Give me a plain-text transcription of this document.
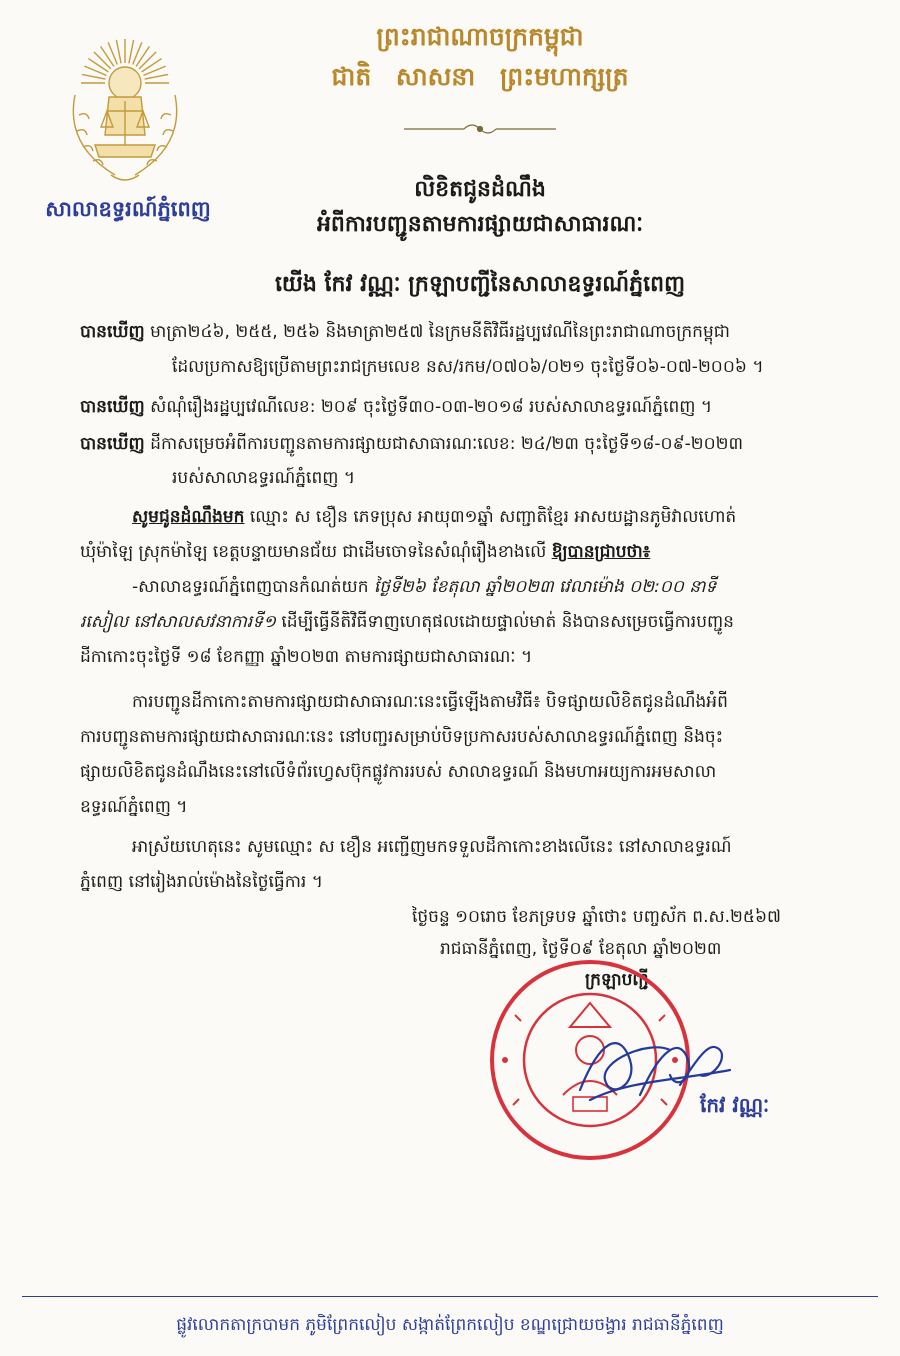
សាលាឧទ្ធរណ៍ភ្នំពេញ
ព្រះរាជាណាចក្រកម្ពុជា
ជាតិ សាសនា ព្រះមហាក្សត្រ
លិខិតជូនដំណឹង
អំពីការបញ្ជូនតាមការផ្សាយជាសាធារណៈ
យើង កែវ វណ្ណៈ ក្រឡាបញ្ជីនៃសាលាឧទ្ធរណ៍ភ្នំពេញ
បានឃើញ មាត្រា២៤៦, ២៥៥, ២៥៦ និងមាត្រា២៥៧ នៃក្រមនីតិវិធីរដ្ឋប្បវេណីនៃព្រះរាជាណាចក្រកម្ពុជា
ដែលប្រកាសឱ្យប្រើតាមព្រះរាជក្រមលេខ នស/រកម/០៧០៦/០២១ ចុះថ្ងៃទី០៦-០៧-២០០៦ ។
បានឃើញ សំណុំរឿងរដ្ឋប្បវេណីលេខ: ២០៩ ចុះថ្ងៃទី៣០-០៣-២០១៨ របស់សាលាឧទ្ធរណ៍ភ្នំពេញ ។
បានឃើញ ដីកាសម្រេចអំពីការបញ្ជូនតាមការផ្សាយជាសាធារណៈលេខ: ២៤/២៣ ចុះថ្ងៃទី១៨-០៩-២០២៣
របស់សាលាឧទ្ធរណ៍ភ្នំពេញ ។
សូមជូនដំណឹងមក ឈ្មោះ ស ខឿន ភេទប្រុស អាយុ៣១ឆ្នាំ សញ្ជាតិខ្មែរ អាសយដ្ឋានភូមិវាលហោត់
ឃុំម៉ាឡៃ ស្រុកម៉ាឡៃ ខេត្តបន្ទាយមានជ័យ ជាដើមចោទនៃសំណុំរឿងខាងលើ ឱ្យបានជ្រាបថា៖
-សាលាឧទ្ធរណ៍ភ្នំពេញបានកំណត់យក ថ្ងៃទី២៦ ខែតុលា ឆ្នាំ២០២៣ វេលាម៉ោង ០២:០០ នាទី
រសៀល នៅសាលសវនាការទី១ ដើម្បីធ្វើនីតិវិធីទាញហេតុផលដោយផ្ទាល់មាត់ និងបានសម្រេចធ្វើការបញ្ជូន
ដីកាកោះចុះថ្ងៃទី ១៨ ខែកញ្ញា ឆ្នាំ២០២៣ តាមការផ្សាយជាសាធារណៈ ។
ការបញ្ជូនដីកាកោះតាមការផ្សាយជាសាធារណៈនេះធ្វើឡើងតាមវិធី៖ បិទផ្សាយលិខិតជូនដំណឹងអំពី
ការបញ្ជូនតាមការផ្សាយជាសាធារណៈនេះ នៅបញ្ជរសម្រាប់បិទប្រកាសរបស់សាលាឧទ្ធរណ៍ភ្នំពេញ និងចុះ
ផ្សាយលិខិតជូនដំណឹងនេះនៅលើទំព័រហ្វេសប៊ុកផ្លូវការរបស់ សាលាឧទ្ធរណ៍ និងមហាអយ្យការអមសាលា
ឧទ្ធរណ៍ភ្នំពេញ ។
អាស្រ័យហេតុនេះ សូមឈ្មោះ ស ខឿន អញ្ជើញមកទទួលដីកាកោះខាងលើនេះ នៅសាលាឧទ្ធរណ៍
ភ្នំពេញ នៅរៀងរាល់ម៉ោងនៃថ្ងៃធ្វើការ ។
ថ្ងៃចន្ទ ១០រោច ខែភទ្របទ ឆ្នាំថោះ បញ្ចស័ក ព.ស.២៥៦៧
រាជធានីភ្នំពេញ, ថ្ងៃទី០៩ ខែតុលា ឆ្នាំ២០២៣
ក្រឡាបញ្ជី
កែវ វណ្ណៈ
ផ្លូវលោកតាក្របាមក ភូមិព្រែកលៀប សង្កាត់ព្រែកលៀប ខណ្ឌជ្រោយចង្វារ រាជធានីភ្នំពេញ
